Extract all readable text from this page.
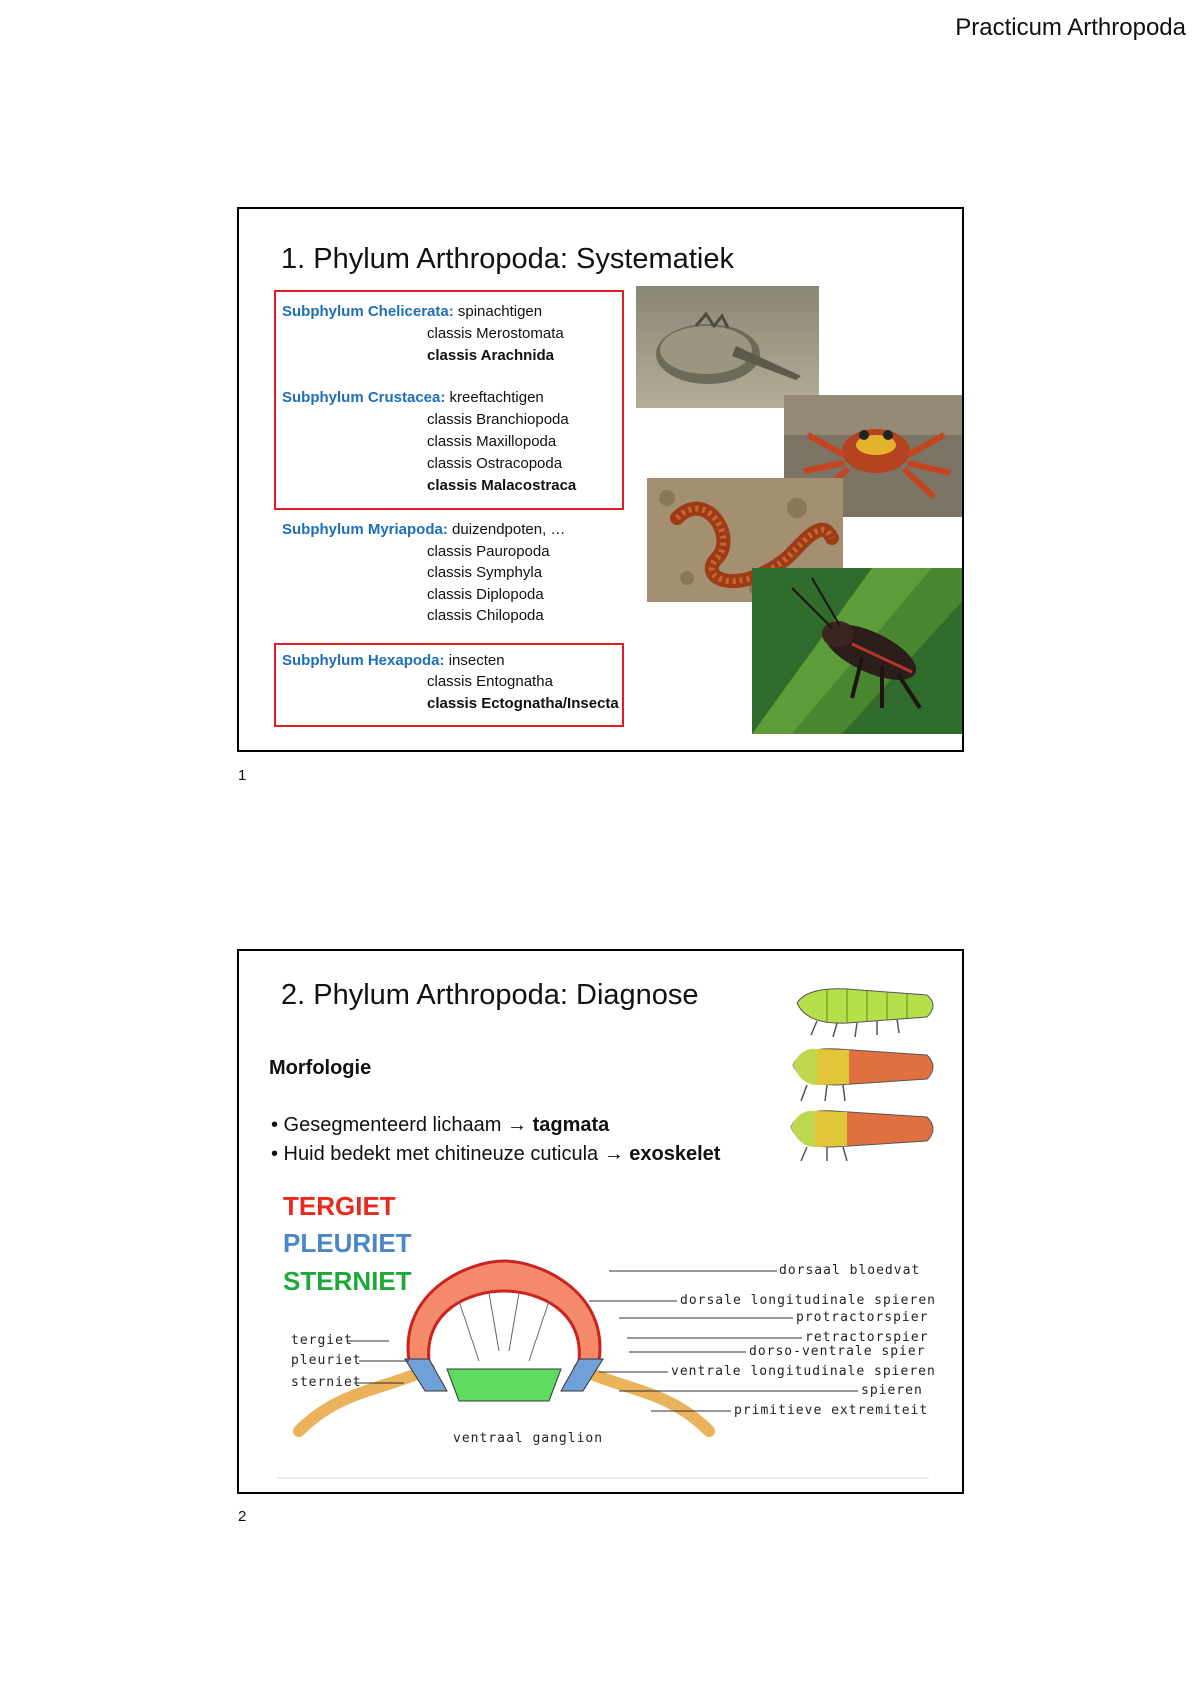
Practicum Arthropoda
1. Phylum Arthropoda: Systematiek
Subphylum Chelicerata: spinachtigen
classis Merostomata
classis Arachnida
Subphylum Crustacea: kreeftachtigen
classis Branchiopoda
classis Maxillopoda
classis Ostracopoda
classis Malacostraca
Subphylum Myriapoda: duizendpoten, …
classis Pauropoda
classis Symphyla
classis Diplopoda
classis Chilopoda
Subphylum Hexapoda: insecten
classis Entognatha
classis Ectognatha/Insecta
1
2. Phylum Arthropoda: Diagnose
Morfologie
• Gesegmenteerd lichaam → tagmata
• Huid bedekt met chitineuze cuticula → exoskelet
TERGIET
PLEURIET
STERNIET
tergiet
pleuriet
sterniet
ventraal ganglion
dorsaal bloedvat
dorsale longitudinale spieren
protractorspier
retractorspier
dorso-ventrale spier
ventrale longitudinale spieren
spieren
primitieve extremiteit
2
